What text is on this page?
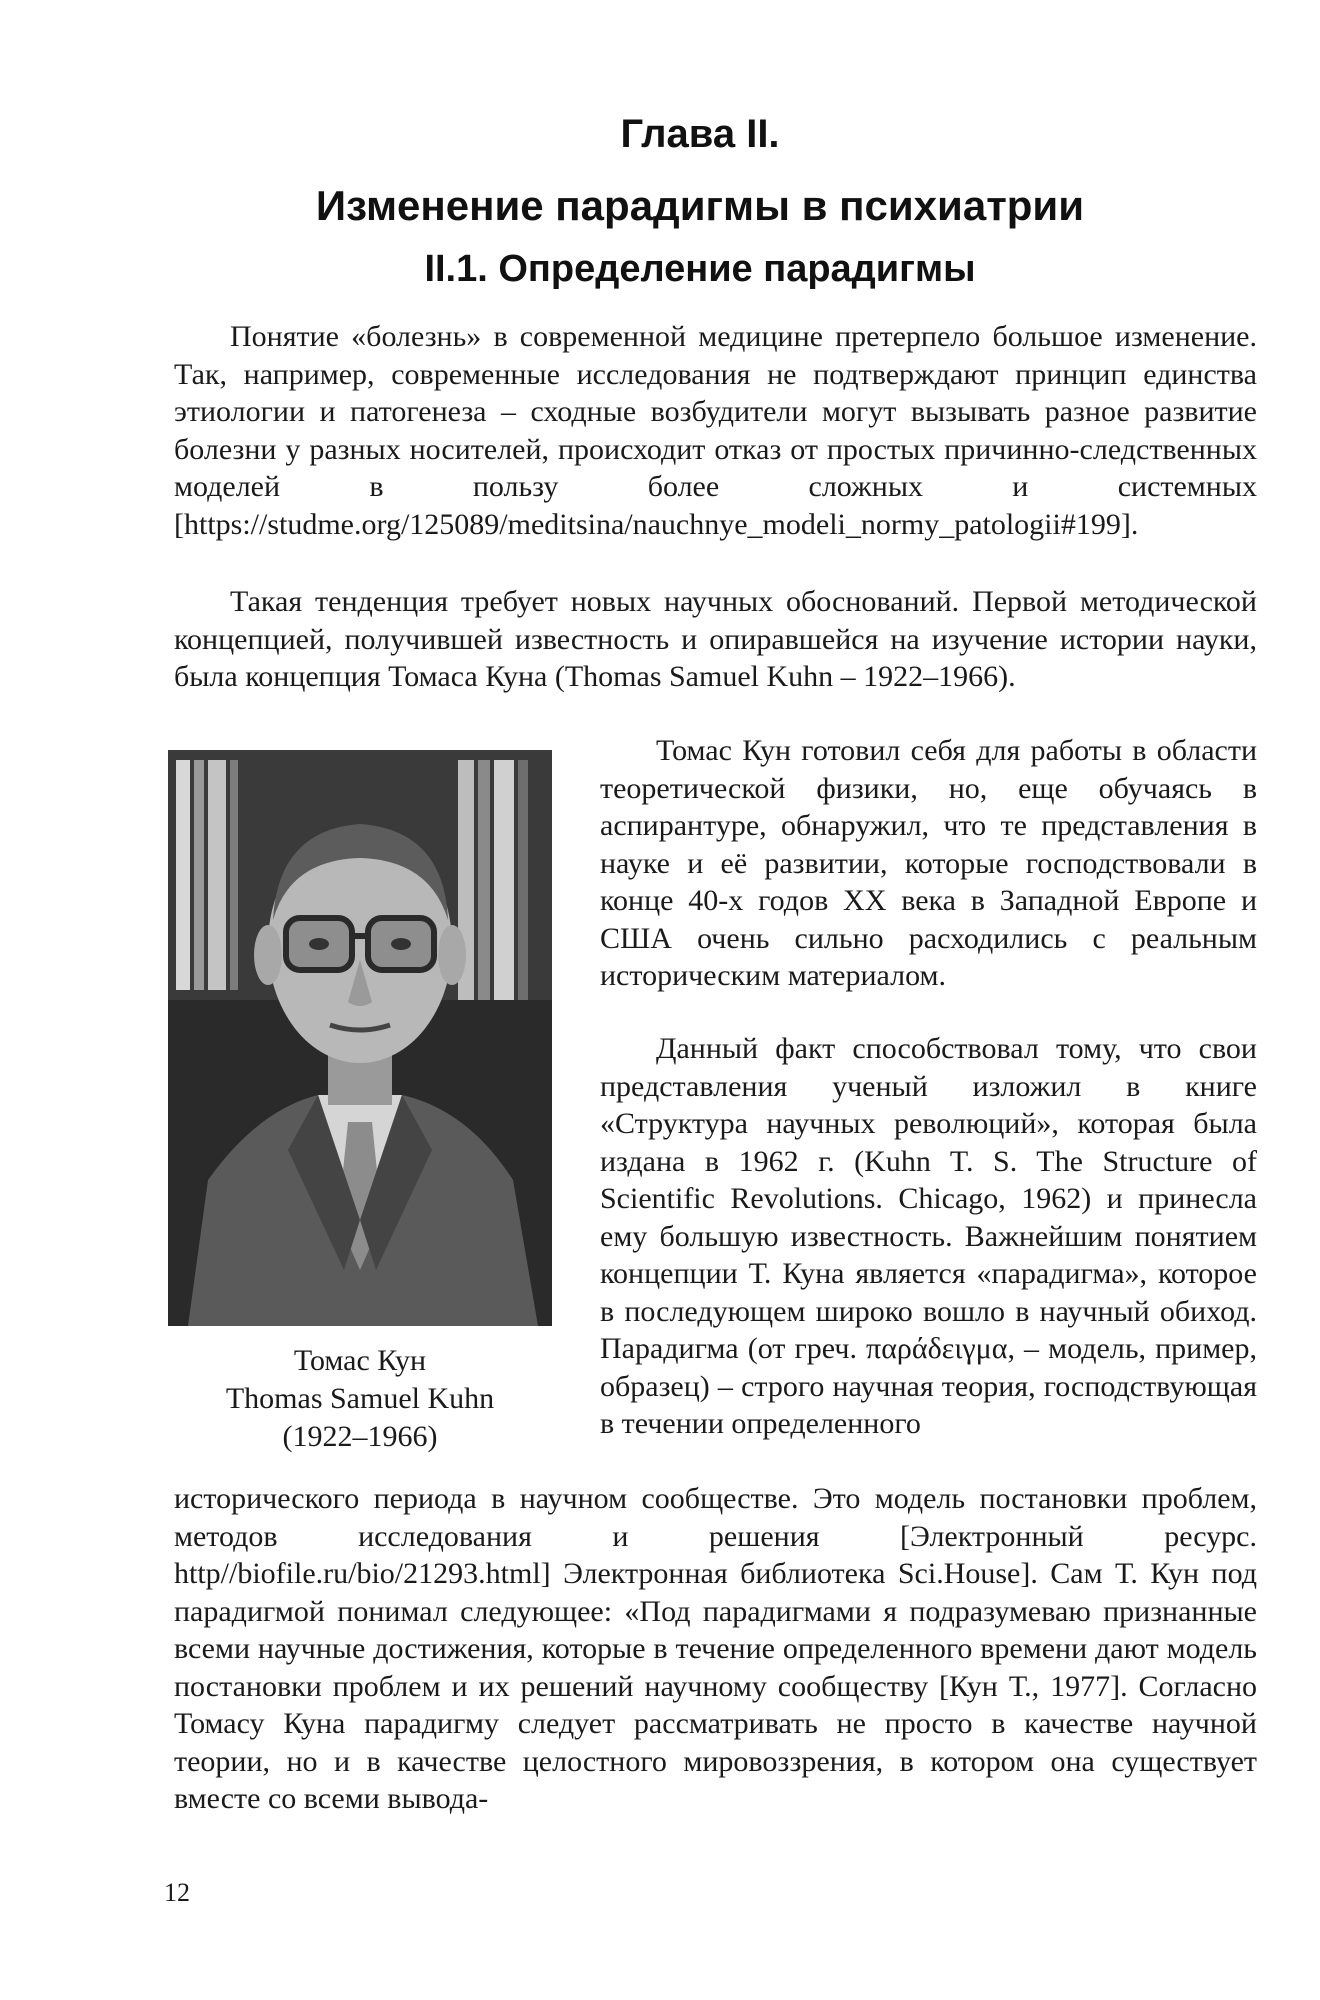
Глава II.
Изменение парадигмы в психиатрии
II.1. Определение парадигмы

Понятие «болезнь» в современной медицине претерпело большое изменение. Так, например, современные исследования не подтверждают принцип единства этиологии и патогенеза – сходные возбудители могут вызывать разное развитие болезни у разных носителей, происходит отказ от простых причинно-следственных моделей в пользу более сложных и системных [https://studme.org/125089/meditsina/nauchnye_modeli_normy_patologii#199].

Такая тенденция требует новых научных обоснований. Первой методической концепцией, получившей известность и опиравшейся на изучение истории науки, была концепция Томаса Куна (Thomas Samuel Kuhn – 1922–1966).

Томас Кун
Thomas Samuel Kuhn
(1922–1966)

Томас Кун готовил себя для работы в области теоретической физики, но, еще обучаясь в аспирантуре, обнаружил, что те представления в науке и её развитии, которые господствовали в конце 40-х годов XX века в Западной Европе и США очень сильно расходились с реальным историческим материалом.

Данный факт способствовал тому, что свои представления ученый изложил в книге «Структура научных революций», которая была издана в 1962 г. (Kuhn T. S. The Structure of Scientific Revolutions. Chicago, 1962) и принесла ему большую известность. Важнейшим понятием концепции Т. Куна является «парадигма», которое в последующем широко вошло в научный обиход. Парадигма (от греч. παράδειγμα, – модель, пример, образец) – строго научная теория, господствующая в течении определенного

исторического периода в научном сообществе. Это модель постановки проблем, методов исследования и решения [Электронный ресурс. http//biofile.ru/bio/21293.html] Электронная библиотека Sci.House]. Сам Т. Кун под парадигмой понимал следующее: «Под парадигмами я подразумеваю признанные всеми научные достижения, которые в течение определенного времени дают модель постановки проблем и их решений научному сообществу [Кун Т., 1977]. Согласно Томасу Куна парадигму следует рассматривать не просто в качестве научной теории, но и в качестве целостного мировоззрения, в котором она существует вместе со всеми вывода-

12
